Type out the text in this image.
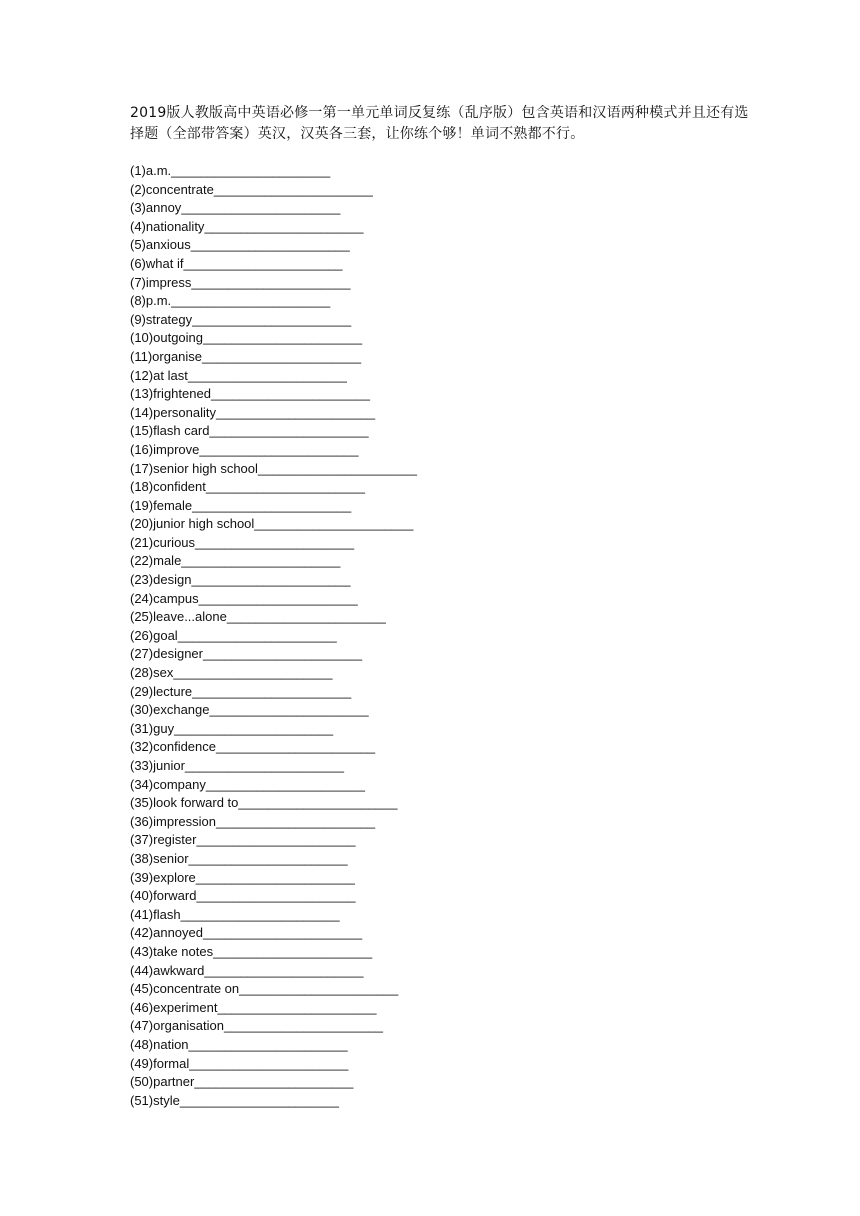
2019版人教版高中英语必修一第一单元单词反复练（乱序版）包含英语和汉语两种模式并且还有选择题（全部带答案）英汉，汉英各三套，让你练个够！单词不熟都不行。

(1)a.m.______________________
(2)concentrate______________________
(3)annoy______________________
(4)nationality______________________
(5)anxious______________________
(6)what if______________________
(7)impress______________________
(8)p.m.______________________
(9)strategy______________________
(10)outgoing______________________
(11)organise______________________
(12)at last______________________
(13)frightened______________________
(14)personality______________________
(15)flash card______________________
(16)improve______________________
(17)senior high school______________________
(18)confident______________________
(19)female______________________
(20)junior high school______________________
(21)curious______________________
(22)male______________________
(23)design______________________
(24)campus______________________
(25)leave...alone______________________
(26)goal______________________
(27)designer______________________
(28)sex______________________
(29)lecture______________________
(30)exchange______________________
(31)guy______________________
(32)confidence______________________
(33)junior______________________
(34)company______________________
(35)look forward to______________________
(36)impression______________________
(37)register______________________
(38)senior______________________
(39)explore______________________
(40)forward______________________
(41)flash______________________
(42)annoyed______________________
(43)take notes______________________
(44)awkward______________________
(45)concentrate on______________________
(46)experiment______________________
(47)organisation______________________
(48)nation______________________
(49)formal______________________
(50)partner______________________
(51)style______________________
